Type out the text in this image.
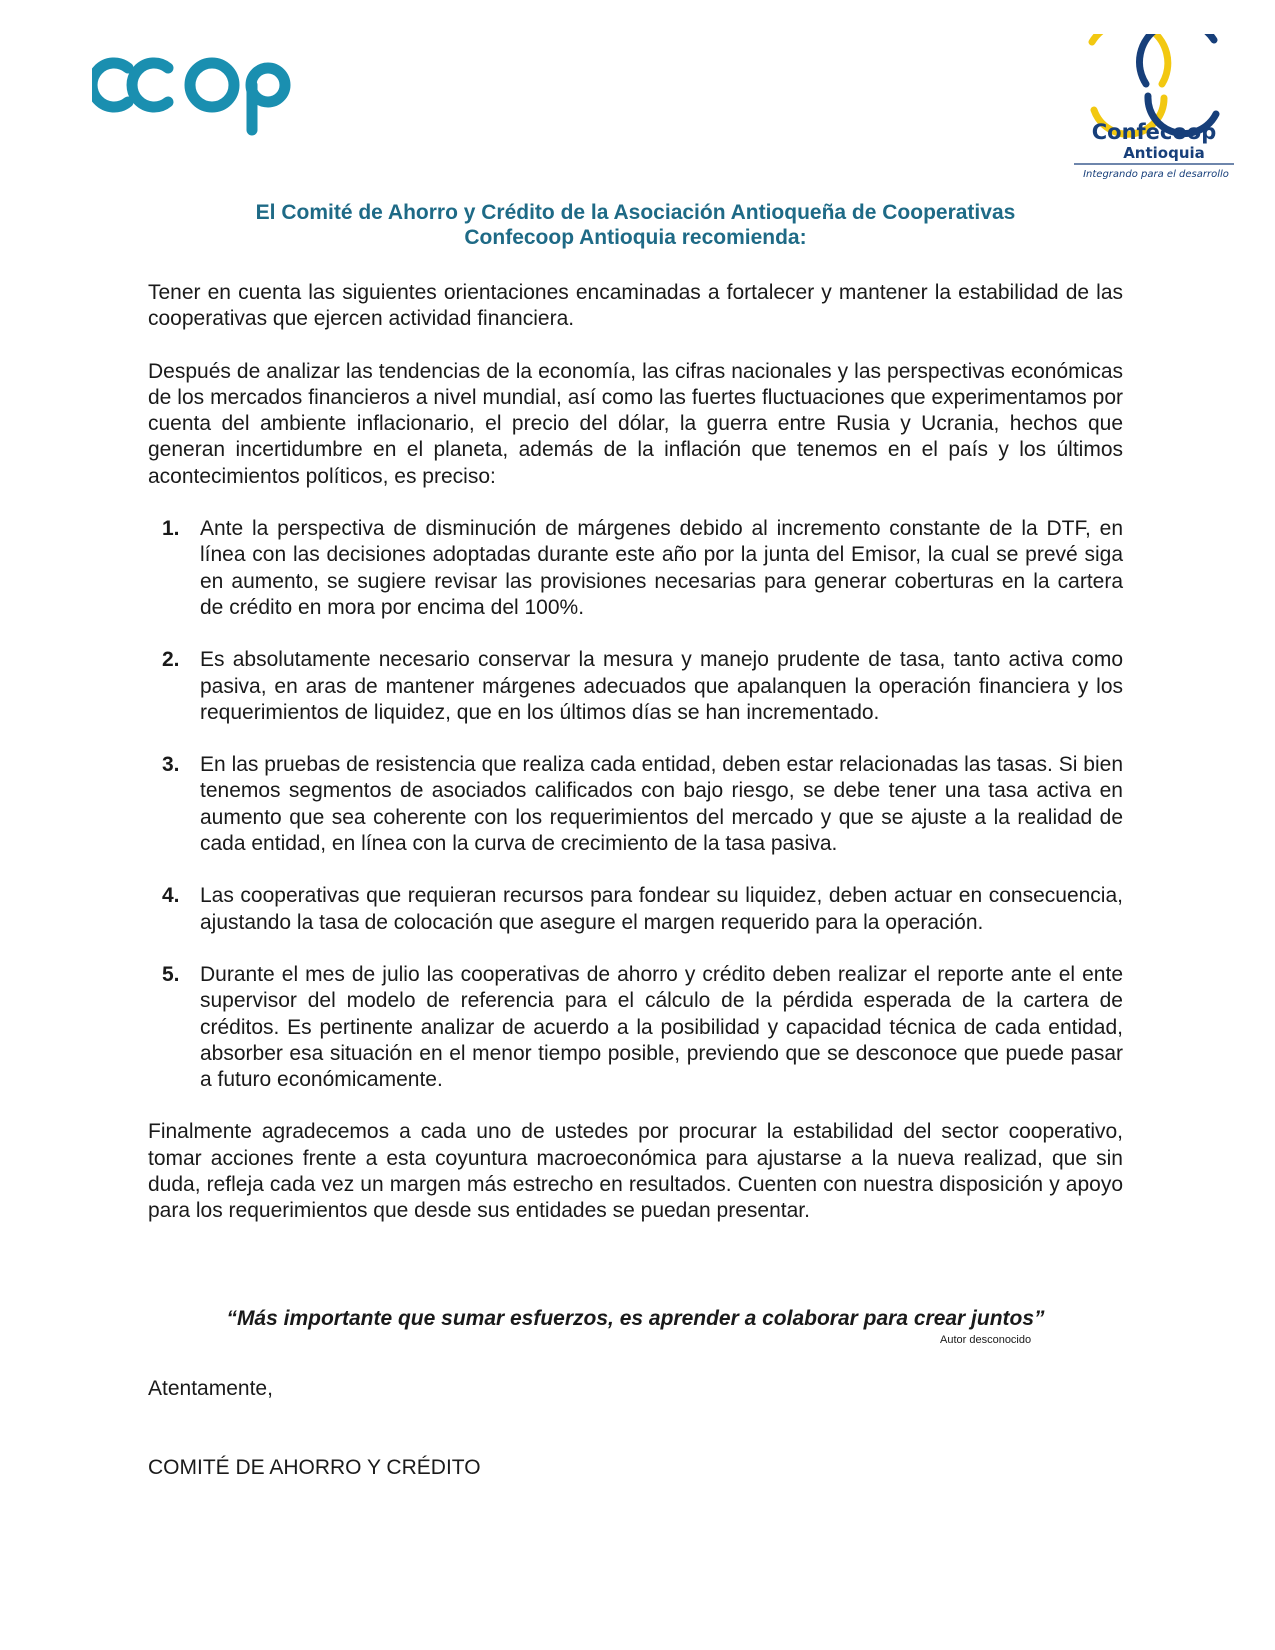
Confecoop
Antioquia
Integrando para el desarrollo
El Comité de Ahorro y Crédito de la Asociación Antioqueña de Cooperativas
Confecoop Antioquia recomienda:

Tener en cuenta las siguientes orientaciones encaminadas a fortalecer y mantener la estabilidad de las cooperativas que ejercen actividad financiera.

Después de analizar las tendencias de la economía, las cifras nacionales y las perspectivas económicas de los mercados financieros a nivel mundial, así como las fuertes fluctuaciones que experimentamos por cuenta del ambiente inflacionario, el precio del dólar, la guerra entre Rusia y Ucrania, hechos que generan incertidumbre en el planeta, además de la inflación que tenemos en el país y los últimos acontecimientos políticos, es preciso:

1. Ante la perspectiva de disminución de márgenes debido al incremento constante de la DTF, en línea con las decisiones adoptadas durante este año por la junta del Emisor, la cual se prevé siga en aumento, se sugiere revisar las provisiones necesarias para generar coberturas en la cartera de crédito en mora por encima del 100%.
2. Es absolutamente necesario conservar la mesura y manejo prudente de tasa, tanto activa como pasiva, en aras de mantener márgenes adecuados que apalanquen la operación financiera y los requerimientos de liquidez, que en los últimos días se han incrementado.
3. En las pruebas de resistencia que realiza cada entidad, deben estar relacionadas las tasas. Si bien tenemos segmentos de asociados calificados con bajo riesgo, se debe tener una tasa activa en aumento que sea coherente con los requerimientos del mercado y que se ajuste a la realidad de cada entidad, en línea con la curva de crecimiento de la tasa pasiva.
4. Las cooperativas que requieran recursos para fondear su liquidez, deben actuar en consecuencia, ajustando la tasa de colocación que asegure el margen requerido para la operación.
5. Durante el mes de julio las cooperativas de ahorro y crédito deben realizar el reporte ante el ente supervisor del modelo de referencia para el cálculo de la pérdida esperada de la cartera de créditos. Es pertinente analizar de acuerdo a la posibilidad y capacidad técnica de cada entidad, absorber esa situación en el menor tiempo posible, previendo que se desconoce que puede pasar a futuro económicamente.

Finalmente agradecemos a cada uno de ustedes por procurar la estabilidad del sector cooperativo, tomar acciones frente a esta coyuntura macroeconómica para ajustarse a la nueva realizad, que sin duda, refleja cada vez un margen más estrecho en resultados. Cuenten con nuestra disposición y apoyo para los requerimientos que desde sus entidades se puedan presentar.

“Más importante que sumar esfuerzos, es aprender a colaborar para crear juntos”
Autor desconocido
Atentamente,
COMITÉ DE AHORRO Y CRÉDITO
